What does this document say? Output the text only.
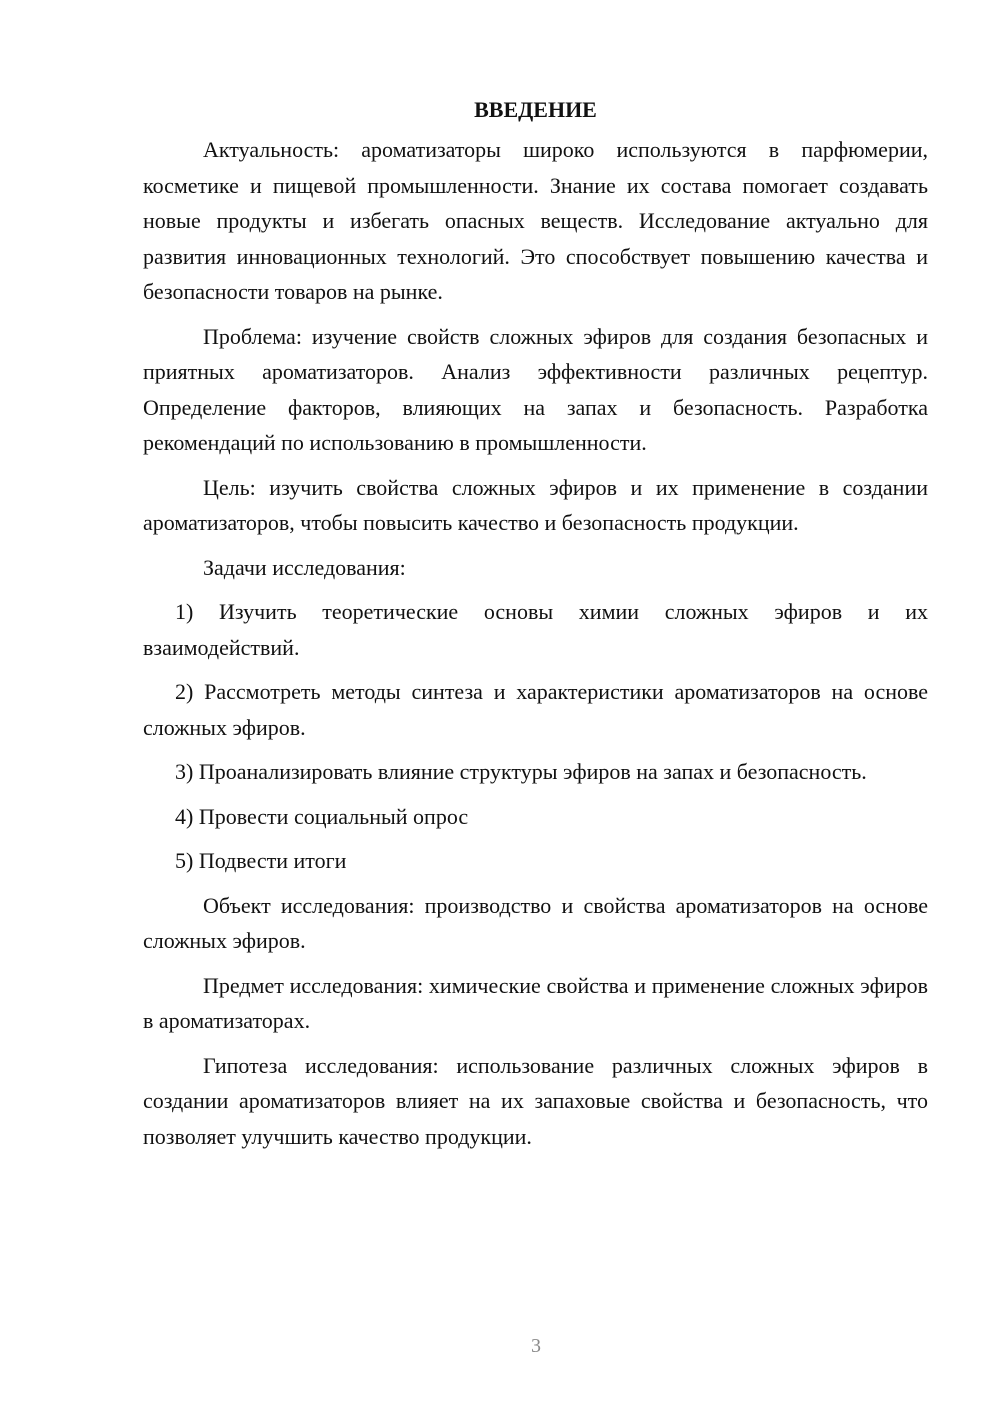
ВВЕДЕНИЕ

Актуальность: ароматизаторы широко используются в парфюмерии, косметике и пищевой промышленности. Знание их состава помогает создавать новые продукты и избегать опасных веществ. Исследование актуально для развития инновационных технологий. Это способствует повышению качества и безопасности товаров на рынке.

Проблема: изучение свойств сложных эфиров для создания безопасных и приятных ароматизаторов. Анализ эффективности различных рецептур. Определение факторов, влияющих на запах и безопасность. Разработка рекомендаций по использованию в промышленности.

Цель: изучить свойства сложных эфиров и их применение в создании ароматизаторов, чтобы повысить качество и безопасность продукции.

Задачи исследования:

1) Изучить теоретические основы химии сложных эфиров и их взаимодействий.

2) Рассмотреть методы синтеза и характеристики ароматизаторов на основе сложных эфиров.

3) Проанализировать влияние структуры эфиров на запах и безопасность.

4) Провести социальный опрос

5) Подвести итоги

Объект исследования: производство и свойства ароматизаторов на основе сложных эфиров.

Предмет исследования: химические свойства и применение сложных эфиров в ароматизаторах.

Гипотеза исследования: использование различных сложных эфиров в создании ароматизаторов влияет на их запаховые свойства и безопасность, что позволяет улучшить качество продукции.

3
